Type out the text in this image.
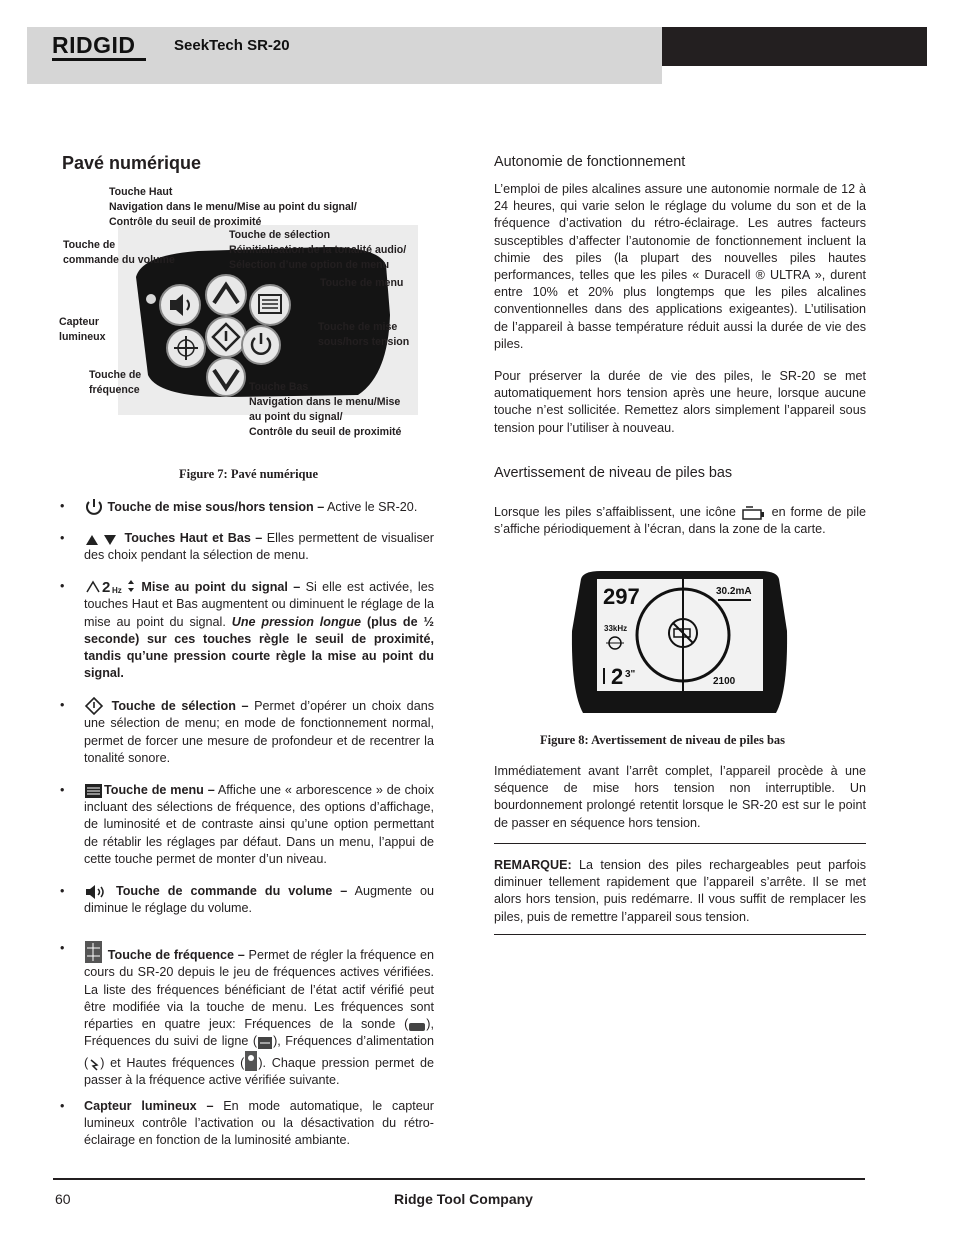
RIDGID	SeekTech SR-20
Pavé numérique
Touche Haut
Navigation dans le menu/Mise au point du signal/
Contrôle du seuil de proximité
Touche de sélection
Réinitialisation de la tonalité audio/
Sélection d’une option de menu
Touche de
commande du volume
Touche de menu
Capteur
lumineux
Touche de mise
sous/hors tension
Touche de
fréquence	Touche Bas
Navigation dans le menu/Mise
au point du signal/
Contrôle du seuil de proximité
Figure 7: Pavé numérique
•	Touche de mise sous/hors tension – Active le SR-20.
•	Touches Haut et Bas – Elles permettent de visualiser des choix pendant la sélection de menu.
•	2 Hz Mise au point du signal – Si elle est activée, les touches Haut et Bas augmentent ou diminuent le réglage de la mise au point du signal. Une pression longue (plus de ½ seconde) sur ces touches règle le seuil de proximité, tandis qu’une pression courte règle la mise au point du signal.
•	Touche de sélection – Permet d’opérer un choix dans une sélection de menu; en mode de fonctionnement normal, permet de forcer une mesure de profondeur et de recentrer la tonalité sonore.
•	Touche de menu – Affiche une « arborescence » de choix incluant des sélections de fréquence, des options d’affichage, de luminosité et de contraste ainsi qu’une option permettant de rétablir les réglages par défaut. Dans un menu, l’appui de cette touche permet de monter d’un niveau.
•	Touche de commande du volume – Augmente ou diminue le réglage du volume.
•	Touche de fréquence – Permet de régler la fréquence en cours du SR-20 depuis le jeu de fréquences actives vérifiées. La liste des fréquences bénéficiant de l’état actif vérifié peut être modifiée via la touche de menu. Les fréquences sont réparties en quatre jeux: Fréquences de la sonde ( ), Fréquences du suivi de ligne ( ), Fréquences d’alimentation ( ) et Hautes fréquences ( ). Chaque pression permet de passer à la fréquence active vérifiée suivante.
• Capteur lumineux – En mode automatique, le capteur lumineux contrôle l’activation ou la désactivation du rétro-éclairage en fonction de la luminosité ambiante.
Autonomie de fonctionnement
L’emploi de piles alcalines assure une autonomie normale de 12 à 24 heures, qui varie selon le réglage du volume du son et de la fréquence d’activation du rétro-éclairage. Les autres facteurs susceptibles d’affecter l’autonomie de fonctionnement incluent la chimie des piles (la plupart des nouvelles piles hautes performances, telles que les piles « Duracell ® ULTRA », durent entre 10% et 20% plus longtemps que les piles alcalines conventionnelles dans des applications exigeantes). L’utilisation de l’appareil à basse température réduit aussi la durée de vie des piles.
Pour préserver la durée de vie des piles, le SR-20 se met automatiquement hors tension après une heure, lorsque aucune touche n’est sollicitée. Remettez alors simplement l’appareil sous tension pour l’utiliser à nouveau.
Avertissement de niveau de piles bas
Lorsque les piles s’affaiblissent, une icône  en forme de pile s’affiche périodiquement à l’écran, dans la zone de la carte.
297	30.2mA
33kHz
2 3"
2100
Figure 8: Avertissement de niveau de piles bas
Immédiatement avant l’arrêt complet, l’appareil procède à une séquence de mise hors tension non interruptible. Un bourdonnement prolongé retentit lorsque le SR-20 est sur le point de passer en séquence hors tension.
REMARQUE: La tension des piles rechargeables peut parfois diminuer tellement rapidement que l’appareil s’arrête. Il se met alors hors tension, puis redémarre. Il vous suffit de remplacer les piles, puis de remettre l’appareil sous tension.
60	Ridge Tool Company
